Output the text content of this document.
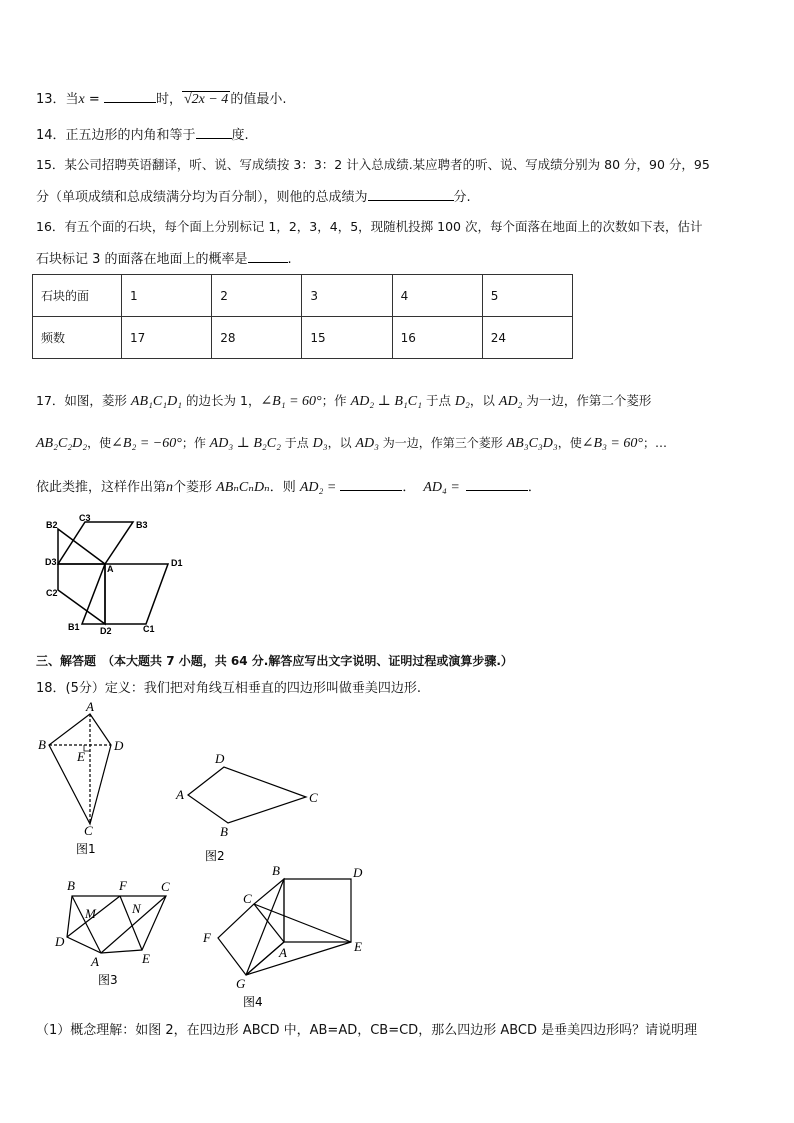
13．当x =	时， √2x − 4 的值最小.
14．正五边形的内角和等于	度.
15．某公司招聘英语翻译，听、说、写成绩按 3：3：2 计入总成绩.某应聘者的听、说、写成绩分别为 80 分，90 分，95
分（单项成绩和总成绩满分均为百分制），则他的总成绩为	分.
16．有五个面的石块，每个面上分别标记 1，2，3，4，5，现随机投掷 100 次，每个面落在地面上的次数如下表，估计
石块标记 3 的面落在地面上的概率是	.
石块的面	1	2	3	4	5
频数	17	28	15	16	24
17．如图，菱形 AB₁C₁D₁ 的边长为 1，∠B₁ = 60°；作 AD₂ ⊥ B₁C₁ 于点 D₂，以 AD₂ 为一边，作第二个菱形
AB₂C₂D₂，使∠B₂ = −60°；作 AD₃ ⊥ B₂C₂ 于点 D₃，以 AD₃ 为一边，作第三个菱形 AB₃C₃D₃，使∠B₃ = 60°；…
依此类推，这样作出第n个菱形 ABₙCₙDₙ．则 AD₂ =	． AD₄ =	．
B2
C3
B3
D3
A
D1
C2
B1 D2	C1
三、解答题 （本大题共 7 小题，共 64 分.解答应写出文字说明、证明过程或演算步骤.）
18．(5分）定义：我们把对角线互相垂直的四边形叫做垂美四边形.
A
B	D
E
C
图1
D
A	C
B
图2
B	F	C
M	N
D
A	E
图3
B	D
C
F
A	E
G
图4
（1）概念理解：如图 2，在四边形 ABCD 中，AB=AD，CB=CD，那么四边形 ABCD 是垂美四边形吗？请说明理
